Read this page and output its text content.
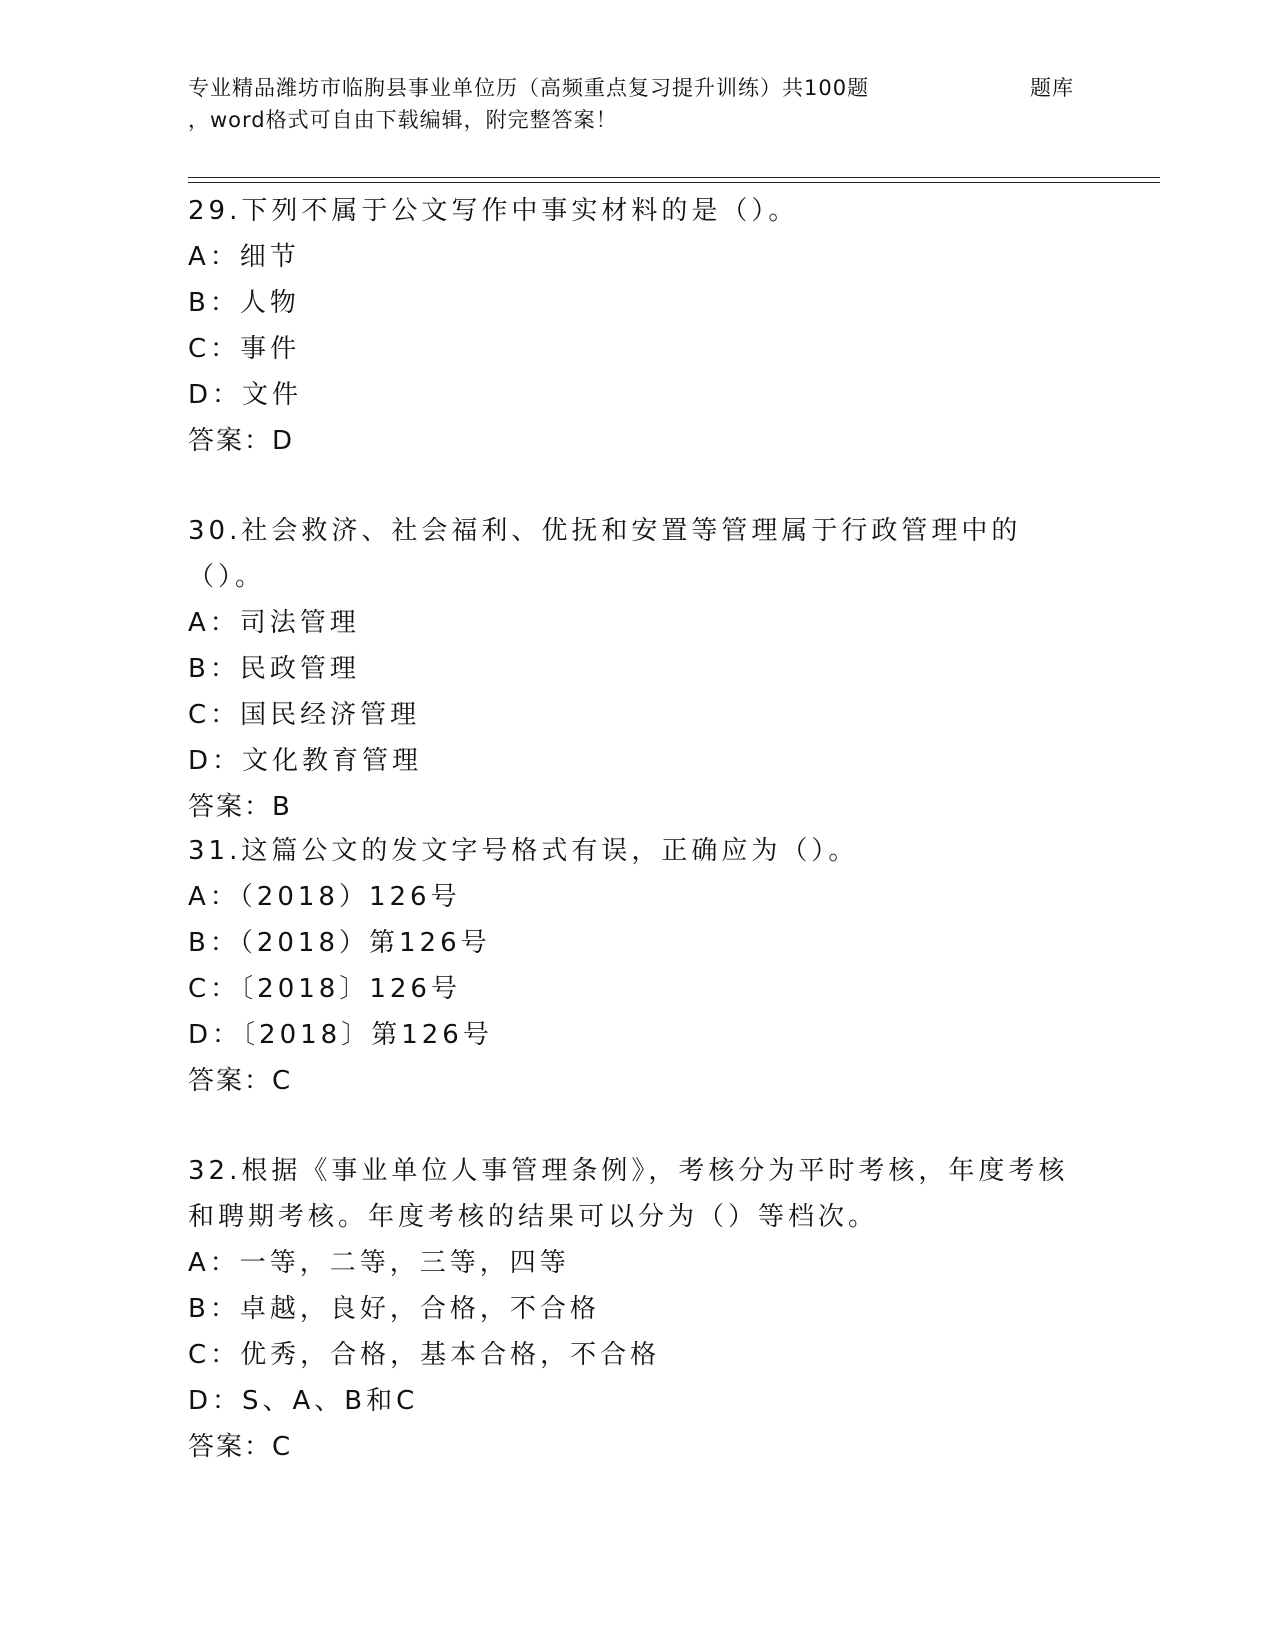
专业精品潍坊市临朐县事业单位历（高频重点复习提升训练）共100题	题库
，word格式可自由下载编辑，附完整答案！

29.下列不属于公文写作中事实材料的是（）。

A：细节

B：人物

C：事件

D：文件

答案：D

30.社会救济、社会福利、优抚和安置等管理属于行政管理中的（）。

A：司法管理

B：民政管理

C：国民经济管理

D：文化教育管理

答案：B

31.这篇公文的发文字号格式有误，正确应为（）。

A：（2018）126号

B：（2018）第126号

C：〔2018〕126号

D：〔2018〕第126号

答案：C

32.根据《事业单位人事管理条例》，考核分为平时考核，年度考核和聘期考核。年度考核的结果可以分为（）等档次。

A：一等，二等，三等，四等

B：卓越，良好，合格，不合格

C：优秀，合格，基本合格，不合格

D：S、A、B和C

答案：C
